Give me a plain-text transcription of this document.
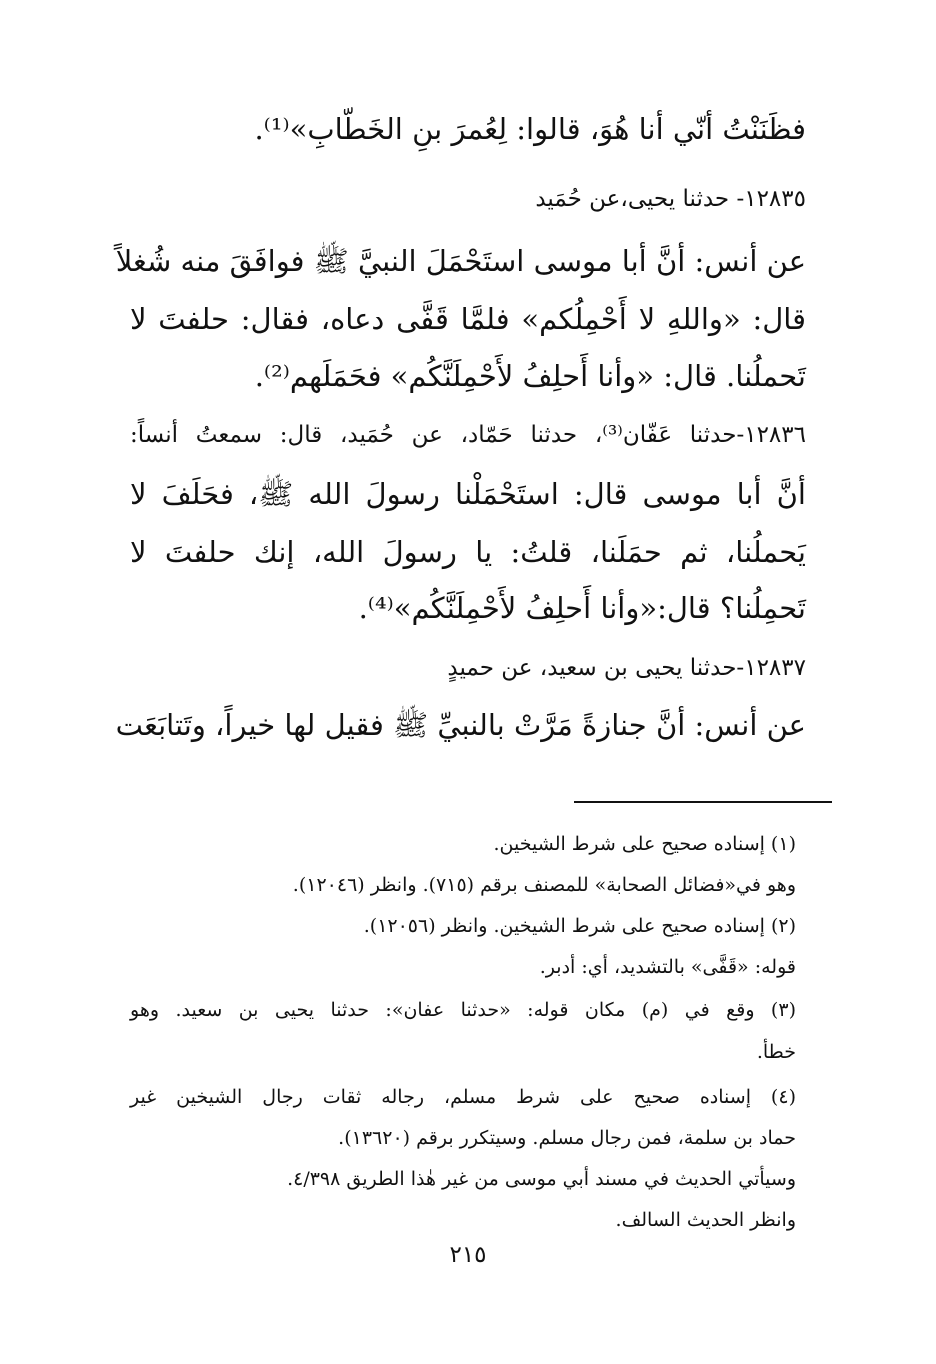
فظَنَنْتُ أنّي أنا هُوَ، قالوا: لِعُمرَ بنِ الخَطّابِ»⁽¹⁾.
١٢٨٣٥- حدثنا يحيى،عن حُمَيد
عن أنس: أنَّ أبا موسى استَحْمَلَ النبيَّ ﷺ فوافَقَ منه شُغلاً
قال: «واللهِ لا أَحْمِلُكم» فلمَّا قَفَّى دعاه، فقال: حلفتَ لا
تَحملُنا. قال: «وأنا أَحلِفُ لأَحْمِلَنَّكُم» فحَمَلَهم⁽²⁾.
١٢٨٣٦-حدثنا عَفّان⁽³⁾، حدثنا حَمّاد، عن حُمَيد، قال: سمعتُ أنساً:
أنَّ أبا موسى قال: استَحْمَلْنا رسولَ الله ﷺ، فحَلَفَ لا
يَحملُنا، ثم حمَلَنا، قلتُ: يا رسولَ الله، إنك حلفتَ لا
تَحمِلُنا؟ قال:«وأنا أَحلِفُ لأَحْمِلَنَّكُم»⁽⁴⁾.
١٢٨٣٧-حدثنا يحيى بن سعيد، عن حميدٍ
عن أنس: أنَّ جنازةً مَرَّتْ بالنبيِّ ﷺ فقيل لها خيراً، وتَتابَعَت
(١) إسناده صحيح على شرط الشيخين.
وهو في«فضائل الصحابة» للمصنف برقم (٧١٥). وانظر (١٢٠٤٦).
(٢) إسناده صحيح على شرط الشيخين. وانظر (١٢٠٥٦).
قوله: «قَفَّى» بالتشديد، أي: أدبر.
(٣) وقع في (م) مكان قوله: «حدثنا عفان»: حدثنا يحيى بن سعيد. وهو
خطأ.
(٤) إسناده صحيح على شرط مسلم، رجاله ثقات رجال الشيخين غير
حماد بن سلمة، فمن رجال مسلم. وسيتكرر برقم (١٣٦٢٠).
وسيأتي الحديث في مسند أبي موسى من غير هٰذا الطريق ٤/٣٩٨.
وانظر الحديث السالف.
٢١٥
